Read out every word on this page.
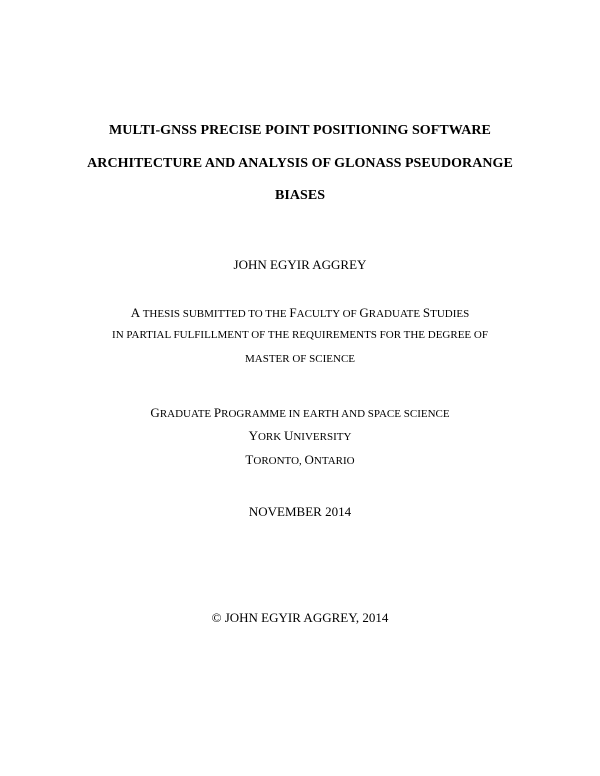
MULTI-GNSS PRECISE POINT POSITIONING SOFTWARE
ARCHITECTURE AND ANALYSIS OF GLONASS PSEUDORANGE
BIASES
JOHN EGYIR AGGREY
A THESIS SUBMITTED TO THE FACULTY OF GRADUATE STUDIES
IN PARTIAL FULFILLMENT OF THE REQUIREMENTS FOR THE DEGREE OF
MASTER OF SCIENCE
GRADUATE PROGRAMME IN EARTH AND SPACE SCIENCE
YORK UNIVERSITY
TORONTO, ONTARIO
NOVEMBER 2014
© JOHN EGYIR AGGREY, 2014
